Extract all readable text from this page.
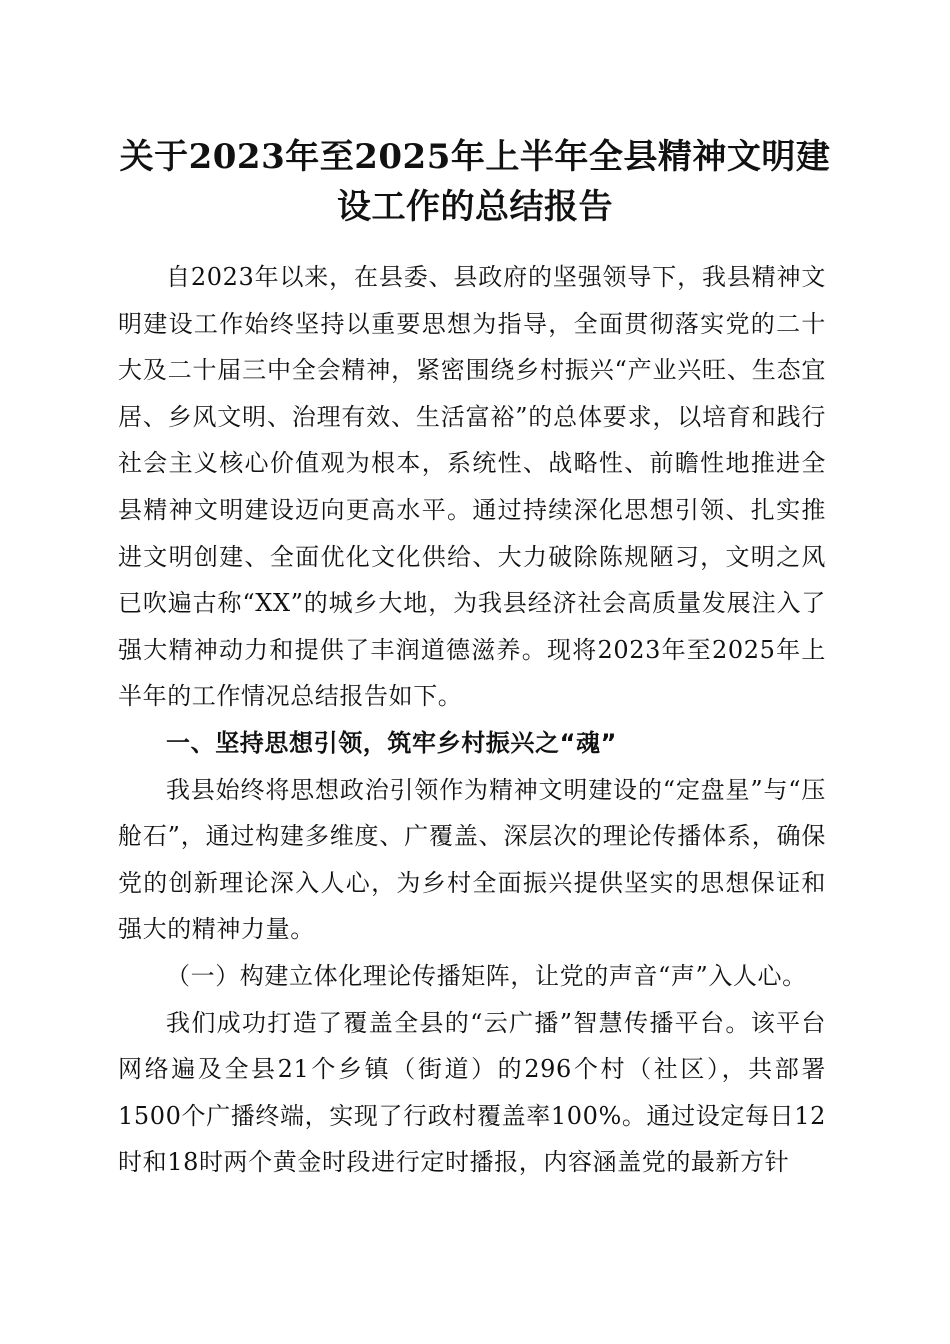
关于2023年至2025年上半年全县精神文明建设工作的总结报告

自2023年以来，在县委、县政府的坚强领导下，我县精神文明建设工作始终坚持以重要思想为指导，全面贯彻落实党的二十大及二十届三中全会精神，紧密围绕乡村振兴“产业兴旺、生态宜居、乡风文明、治理有效、生活富裕”的总体要求，以培育和践行社会主义核心价值观为根本，系统性、战略性、前瞻性地推进全县精神文明建设迈向更高水平。通过持续深化思想引领、扎实推进文明创建、全面优化文化供给、大力破除陈规陋习，文明之风已吹遍古称“XX”的城乡大地，为我县经济社会高质量发展注入了强大精神动力和提供了丰润道德滋养。现将2023年至2025年上半年的工作情况总结报告如下。

一、坚持思想引领，筑牢乡村振兴之“魂”

我县始终将思想政治引领作为精神文明建设的“定盘星”与“压舱石”，通过构建多维度、广覆盖、深层次的理论传播体系，确保党的创新理论深入人心，为乡村全面振兴提供坚实的思想保证和强大的精神力量。

（一）构建立体化理论传播矩阵，让党的声音“声”入人心。

我们成功打造了覆盖全县的“云广播”智慧传播平台。该平台网络遍及全县21个乡镇（街道）的296个村（社区），共部署1500个广播终端，实现了行政村覆盖率100%。通过设定每日12时和18时两个黄金时段进行定时播报，内容涵盖党的最新方针
